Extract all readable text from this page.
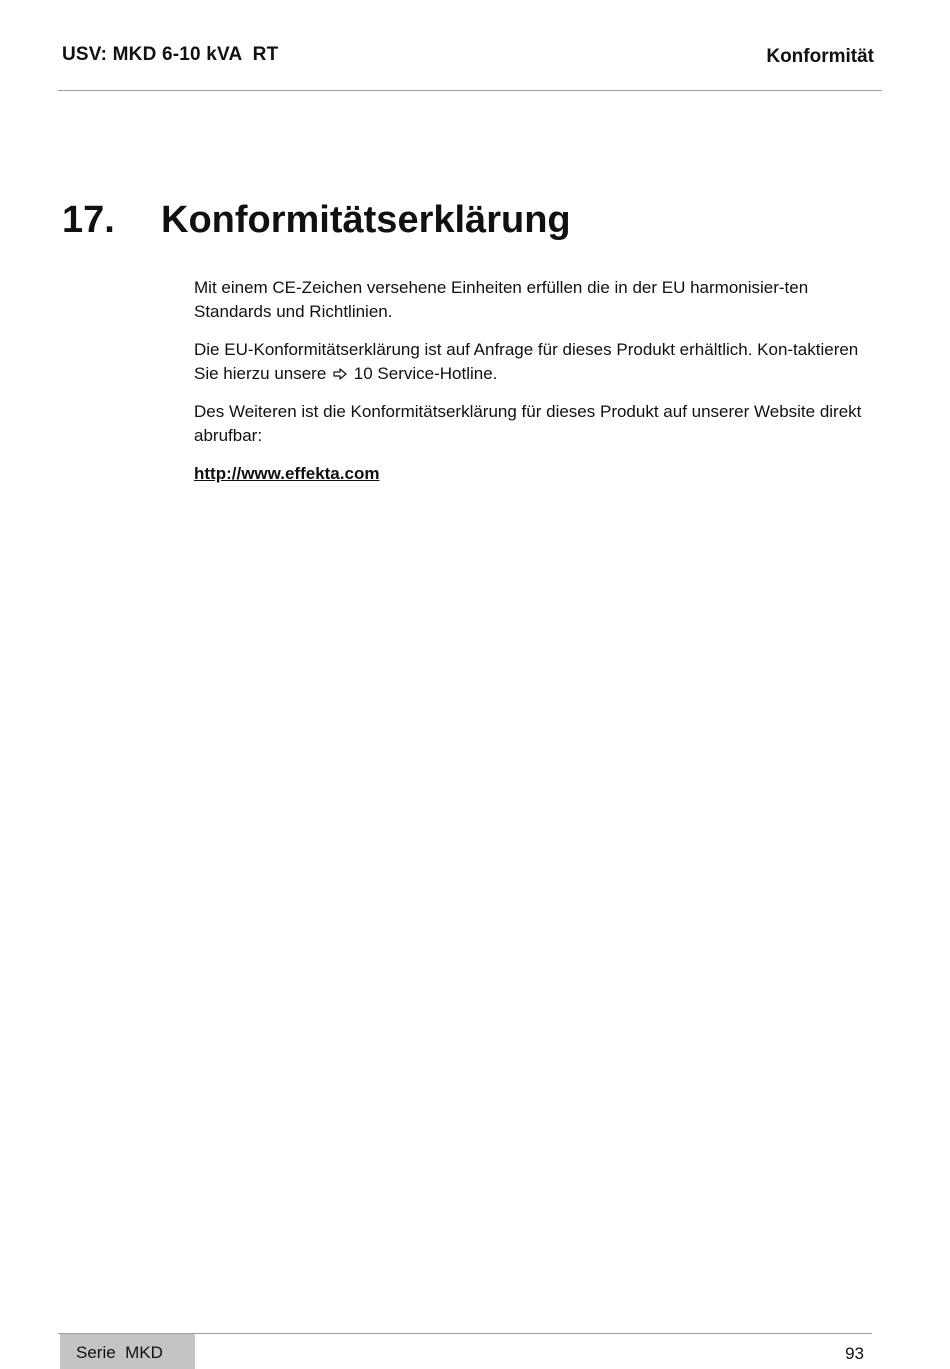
USV: MKD 6-10 kVA  RT	Konformität
17. Konformitätserklärung

Mit einem CE-Zeichen versehene Einheiten erfüllen die in der EU harmonisier-ten Standards und Richtlinien.

Die EU-Konformitätserklärung ist auf Anfrage für dieses Produkt erhältlich. Kon-taktieren Sie hierzu unsere 10 Service-Hotline.

Des Weiteren ist die Konformitätserklärung für dieses Produkt auf unserer Website direkt abrufbar:

http://www.effekta.com

Serie  MKD	93
